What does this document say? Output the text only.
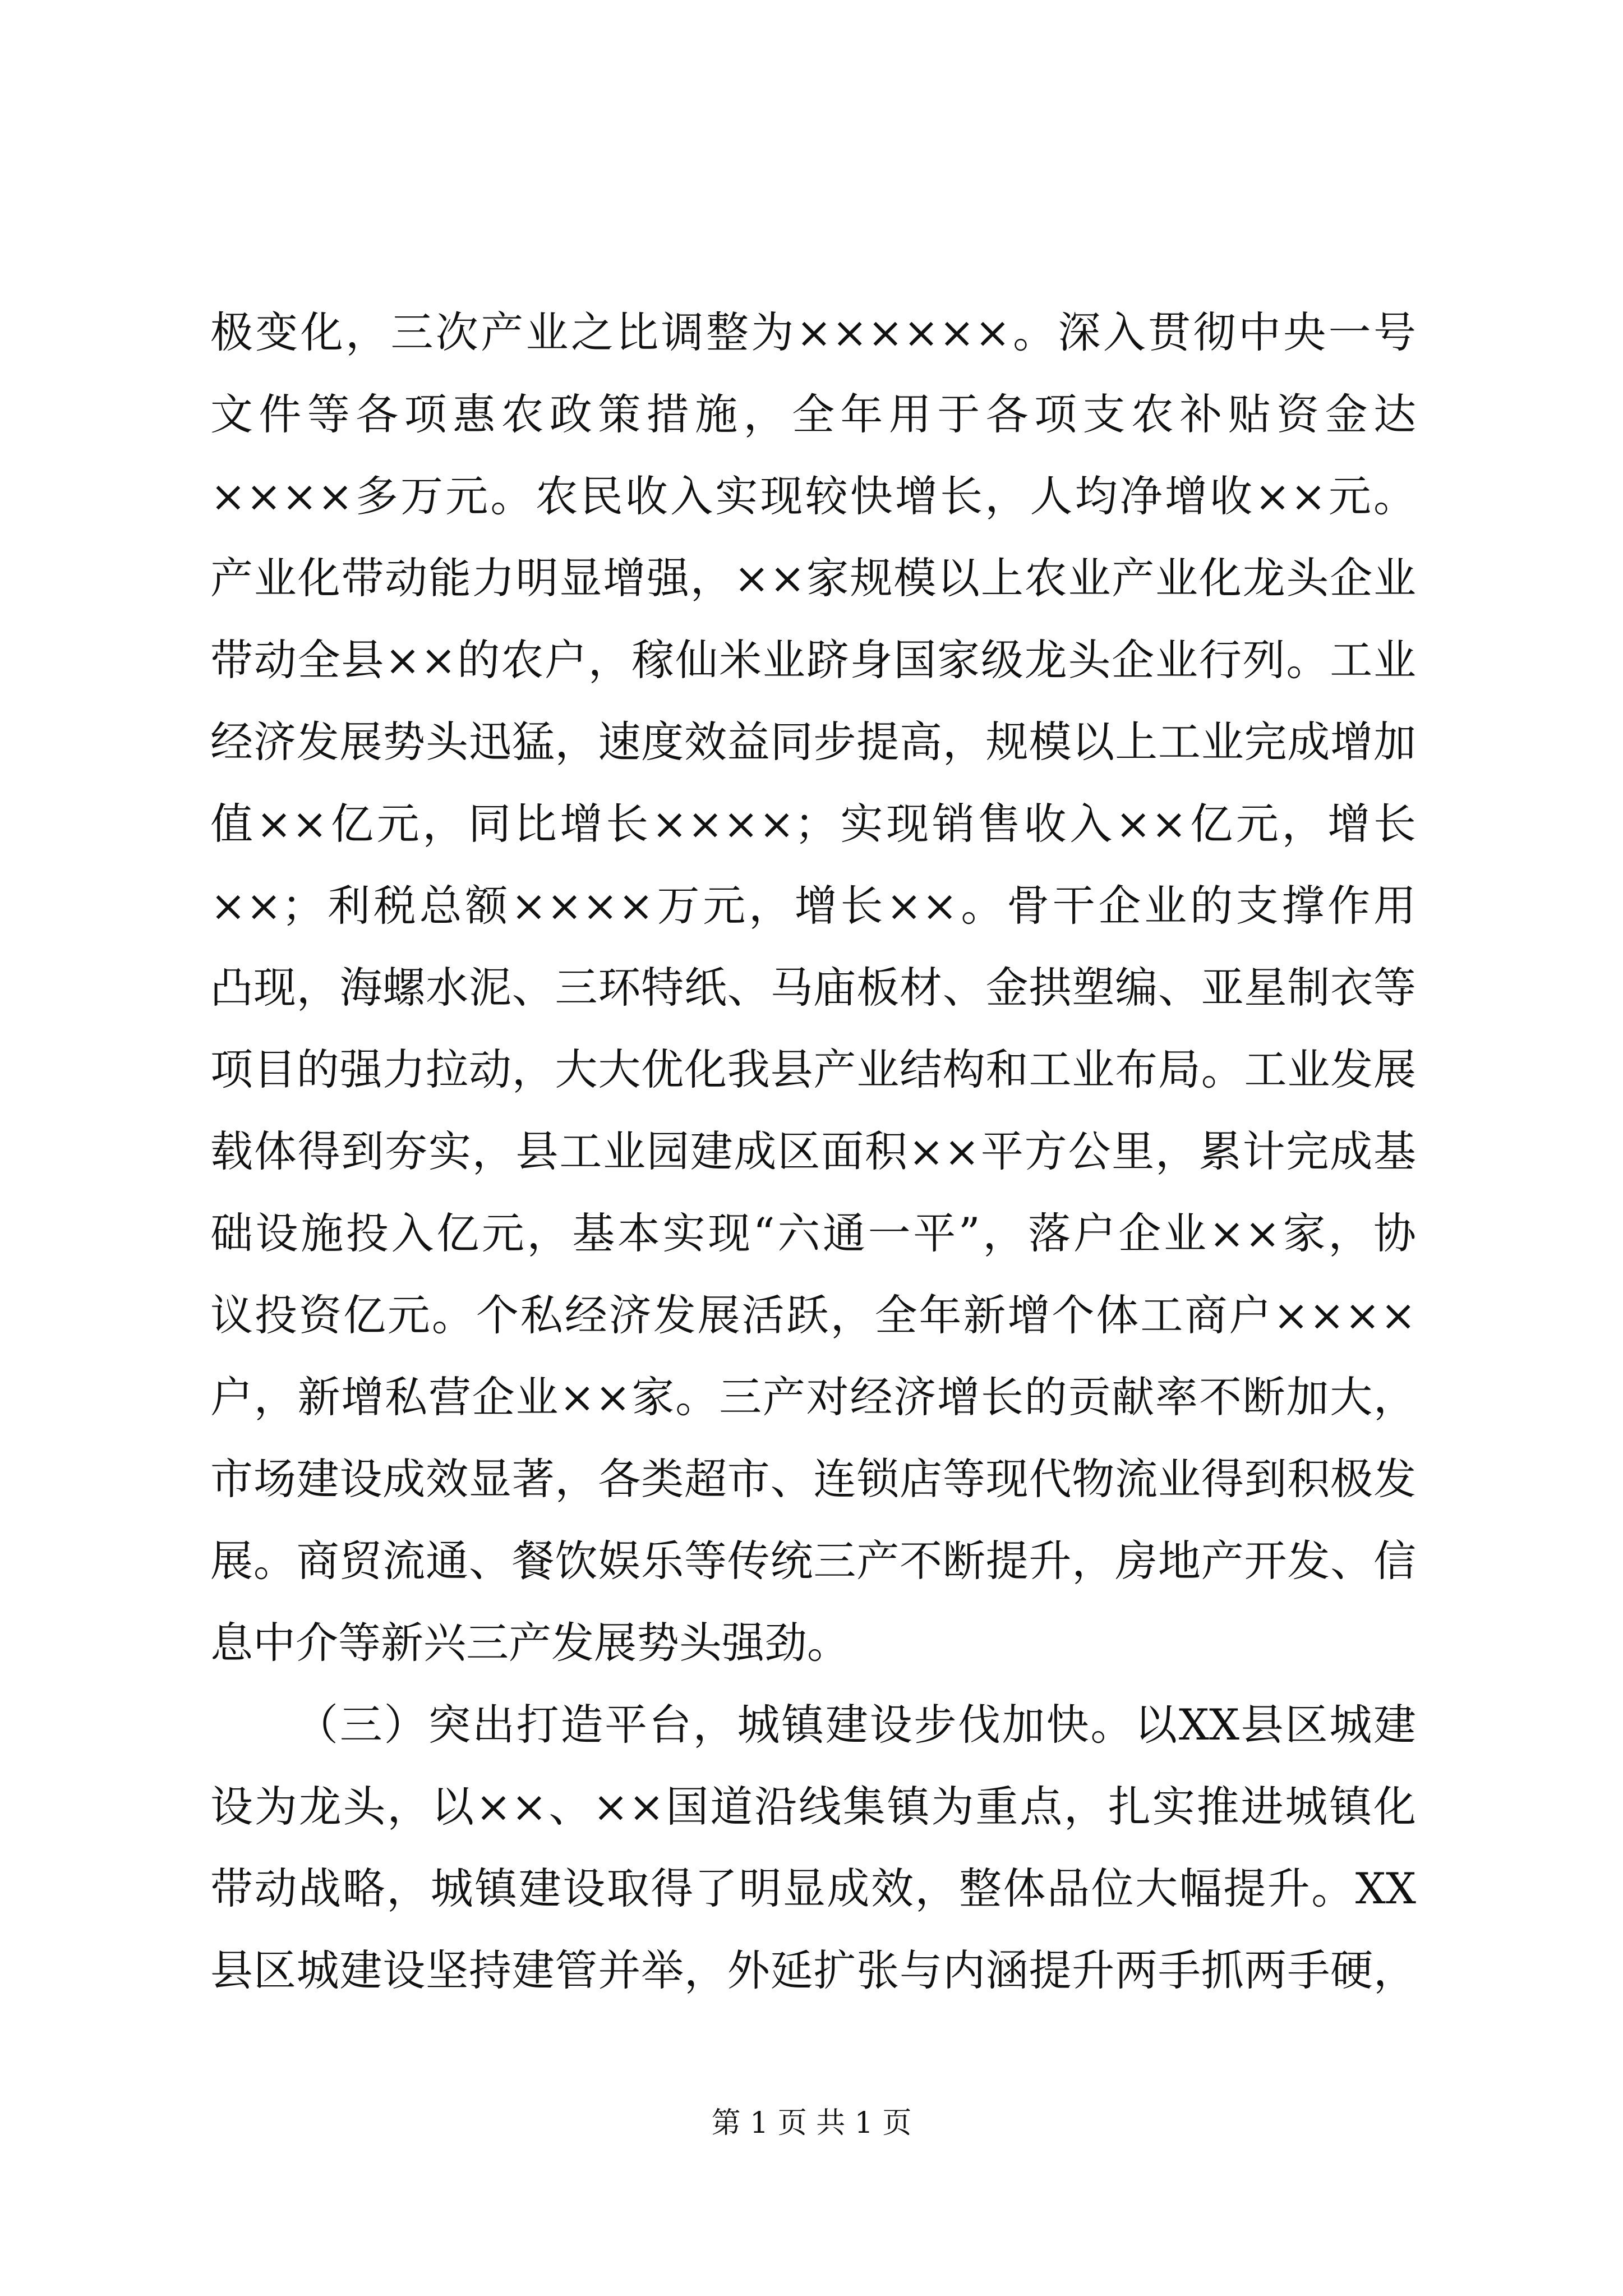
极变化，三次产业之比调整为××××××。深入贯彻中央一号
文件等各项惠农政策措施，全年用于各项支农补贴资金达
××××多万元。农民收入实现较快增长，人均净增收××元。
产业化带动能力明显增强，××家规模以上农业产业化龙头企业
带动全县××的农户，稼仙米业跻身国家级龙头企业行列。工业
经济发展势头迅猛，速度效益同步提高，规模以上工业完成增加
值××亿元，同比增长××××；实现销售收入××亿元，增长
××；利税总额××××万元，增长××。骨干企业的支撑作用
凸现，海螺水泥、三环特纸、马庙板材、金拱塑编、亚星制衣等
项目的强力拉动，大大优化我县产业结构和工业布局。工业发展
载体得到夯实，县工业园建成区面积××平方公里，累计完成基
础设施投入亿元，基本实现“六通一平”，落户企业××家，协
议投资亿元。个私经济发展活跃，全年新增个体工商户××××
户，新增私营企业××家。三产对经济增长的贡献率不断加大，
市场建设成效显著，各类超市、连锁店等现代物流业得到积极发
展。商贸流通、餐饮娱乐等传统三产不断提升，房地产开发、信
息中介等新兴三产发展势头强劲。
（三）突出打造平台，城镇建设步伐加快。以XX县区城建
设为龙头，以××、××国道沿线集镇为重点，扎实推进城镇化
带动战略，城镇建设取得了明显成效，整体品位大幅提升。XX
县区城建设坚持建管并举，外延扩张与内涵提升两手抓两手硬，
第 1 页 共 1 页
